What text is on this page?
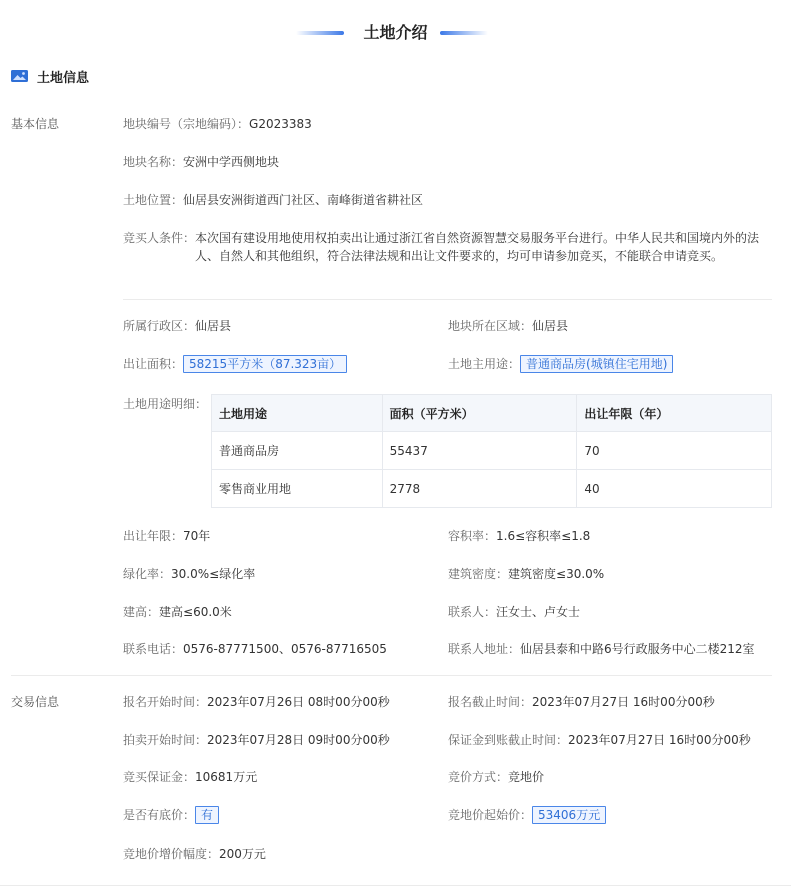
土地介绍
土地信息
基本信息	地块编号（宗地编码）：G2023383
地块名称：安洲中学西侧地块
土地位置：仙居县安洲街道西门社区、南峰街道省耕社区
竞买人条件： 本次国有建设用地使用权拍卖出让通过浙江省自然资源智慧交易服务平台进行。中华人民共和国境内外的法人、自然人和其他组织，符合法律法规和出让文件要求的，均可申请参加竞买，不能联合申请竞买。
所属行政区：仙居县	地块所在区域：仙居县
出让面积： 58215平方米（87.323亩）	土地主用途： 普通商品房(城镇住宅用地)
土地用途明细：
土地用途	面积（平方米）	出让年限（年）
普通商品房	55437	70
零售商业用地	2778	40
出让年限：70年	容积率：1.6≤容积率≤1.8
绿化率：30.0%≤绿化率	建筑密度：建筑密度≤30.0%
建高：建高≤60.0米	联系人：汪女士、卢女士
联系电话：0576-87771500、0576-87716505	联系人地址：仙居县泰和中路6号行政服务中心二楼212室
交易信息	报名开始时间：2023年07月26日 08时00分00秒	报名截止时间：2023年07月27日 16时00分00秒
拍卖开始时间：2023年07月28日 09时00分00秒	保证金到账截止时间：2023年07月27日 16时00分00秒
竞买保证金：10681万元	竞价方式：竞地价
是否有底价： 有	竞地价起始价： 53406万元
竞地价增价幅度：200万元
